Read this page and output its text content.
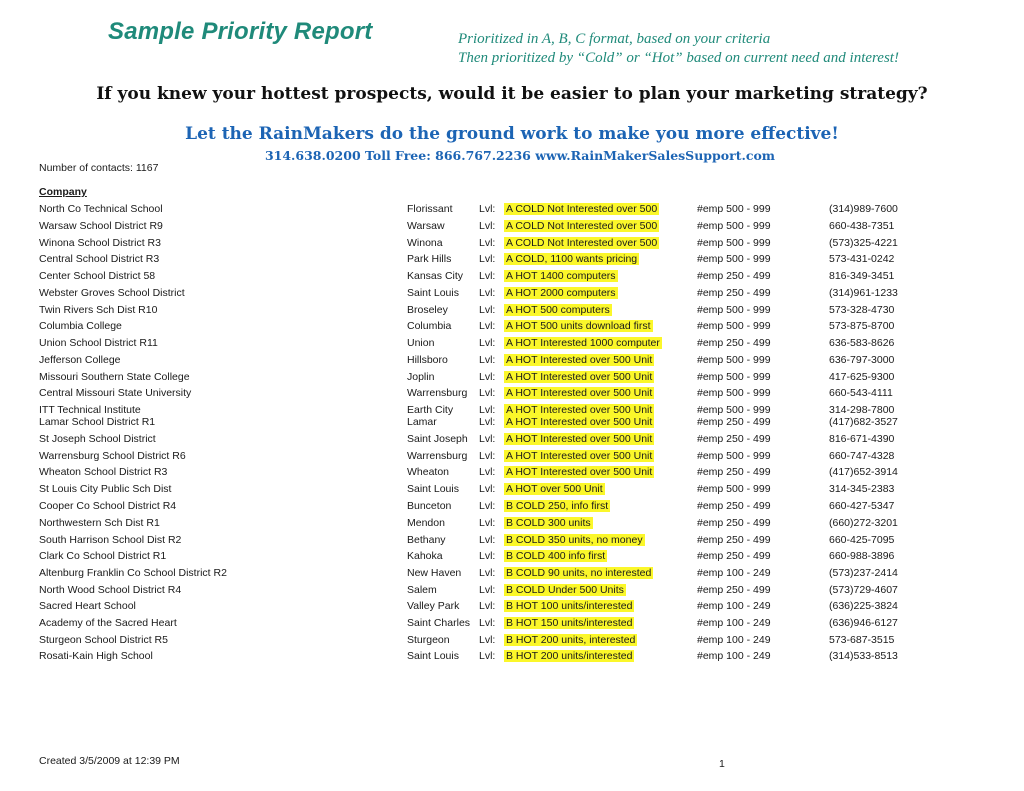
Sample Priority Report	Prioritized in A, B, C format, based on your criteria
Then prioritized by “Cold” or “Hot” based on current need and interest!
If you knew your hottest prospects, would it be easier to plan your marketing strategy?
Let the RainMakers do the ground work to make you more effective!
314.638.0200 Toll Free: 866.767.2236 www.RainMakerSalesSupport.com
Number of contacts: 1167
Company
North Co Technical School	Florissant	Lvl: A COLD Not Interested over 500	#emp 500 - 999	(314)989-7600
Warsaw School District R9	Warsaw	Lvl: A COLD Not Interested over 500	#emp 500 - 999	660-438-7351
Winona School District R3	Winona	Lvl: A COLD Not Interested over 500	#emp 500 - 999	(573)325-4221
Central School District R3	Park Hills	Lvl: A COLD, 1100 wants pricing	#emp 500 - 999	573-431-0242
Center School District 58	Kansas City Lvl: A HOT 1400 computers	#emp 250 - 499	816-349-3451
Webster Groves School District	Saint Louis Lvl: A HOT 2000 computers	#emp 250 - 499	(314)961-1233
Twin Rivers Sch Dist R10	Broseley	Lvl: A HOT 500 computers	#emp 500 - 999	573-328-4730
Columbia College	Columbia	Lvl: A HOT 500 units download first	#emp 500 - 999	573-875-8700
Union School District R11	Union	Lvl: A HOT Interested 1000 computer	#emp 250 - 499	636-583-8626
Jefferson College	Hillsboro	Lvl: A HOT Interested over 500 Unit	#emp 500 - 999	636-797-3000
Missouri Southern State College	Joplin	Lvl: A HOT Interested over 500 Unit	#emp 500 - 999	417-625-9300
Central Missouri State University	Warrensburg Lvl: A HOT Interested over 500 Unit	#emp 500 - 999	660-543-4111
ITT Technical Institute	Earth City Lvl: A HOT Interested over 500 Unit	#emp 500 - 999	314-298-7800
Lamar School District R1	Lamar	Lvl: A HOT Interested over 500 Unit	#emp 250 - 499	(417)682-3527
St Joseph School District	Saint Joseph Lvl: A HOT Interested over 500 Unit	#emp 250 - 499	816-671-4390
Warrensburg School District R6	Warrensburg Lvl: A HOT Interested over 500 Unit	#emp 500 - 999	660-747-4328
Wheaton School District R3	Wheaton	Lvl: A HOT Interested over 500 Unit	#emp 250 - 499	(417)652-3914
St Louis City Public Sch Dist	Saint Louis Lvl: A HOT over 500 Unit	#emp 500 - 999	314-345-2383
Cooper Co School District R4	Bunceton	Lvl: B COLD 250, info first	#emp 250 - 499	660-427-5347
Northwestern Sch Dist R1	Mendon	Lvl: B COLD 300 units	#emp 250 - 499	(660)272-3201
South Harrison School Dist R2	Bethany	Lvl: B COLD 350 units, no money	#emp 250 - 499	660-425-7095
Clark Co School District R1	Kahoka	Lvl: B COLD 400 info first	#emp 250 - 499	660-988-3896
Altenburg Franklin Co School District R2	New Haven Lvl: B COLD 90 units, no interested	#emp 100 - 249	(573)237-2414
North Wood School District R4	Salem	Lvl: B COLD Under 500 Units	#emp 250 - 499	(573)729-4607
Sacred Heart School	Valley Park Lvl: B HOT 100 units/interested	#emp 100 - 249	(636)225-3824
Academy of the Sacred Heart	Saint Charles Lvl: B HOT 150 units/interested	#emp 100 - 249	(636)946-6127
Sturgeon School District R5	Sturgeon	Lvl: B HOT 200 units, interested	#emp 100 - 249	573-687-3515
Rosati-Kain High School	Saint Louis Lvl: B HOT 200 units/interested	#emp 100 - 249	(314)533-8513
Created 3/5/2009 at 12:39 PM	1
